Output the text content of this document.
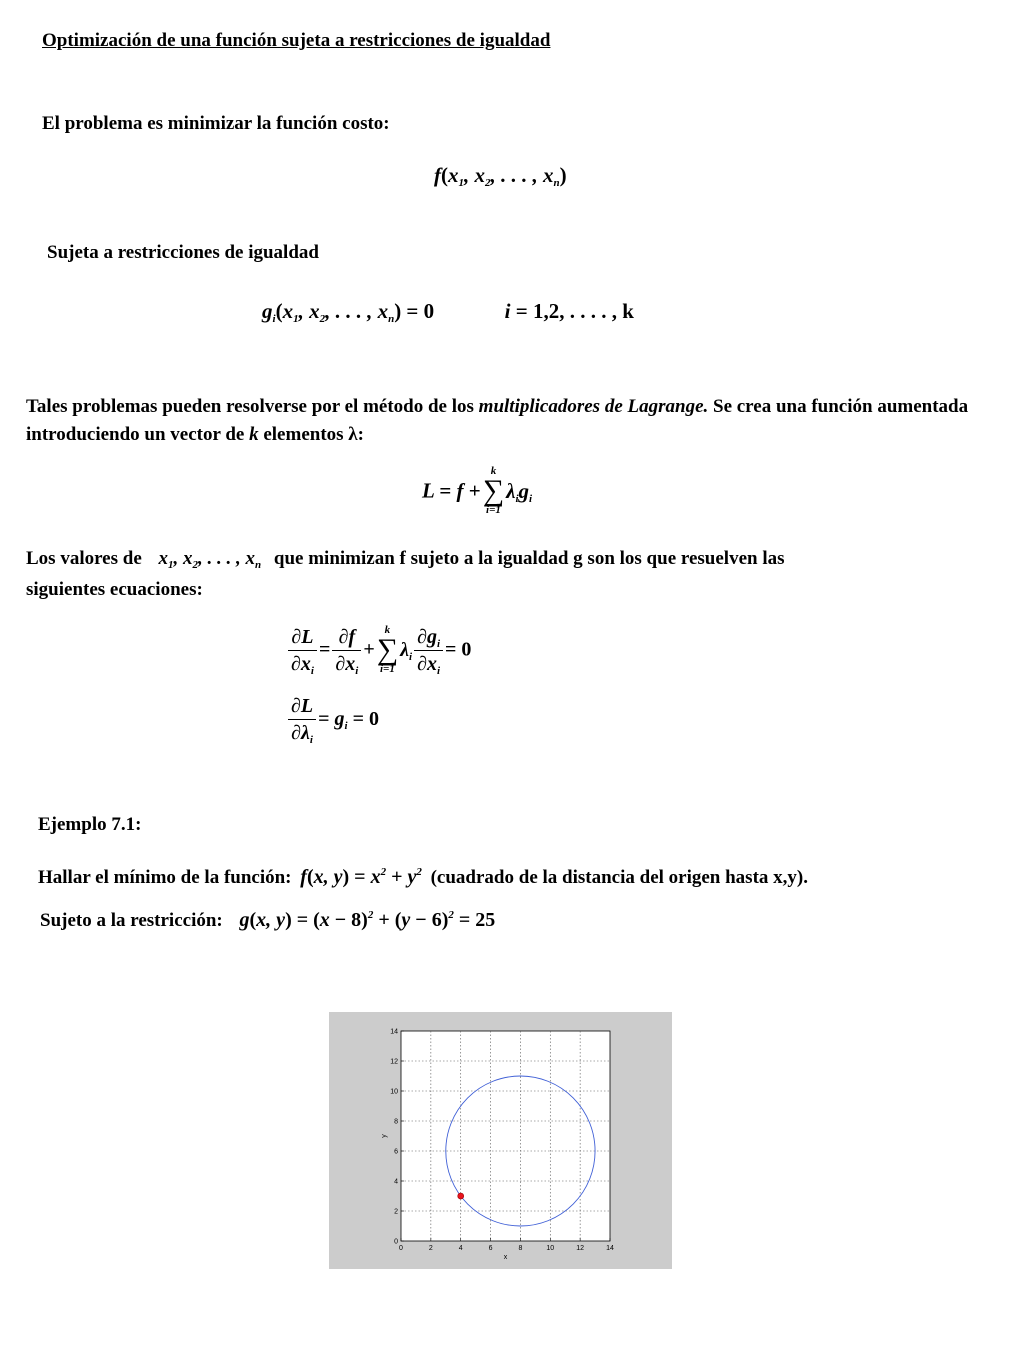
Optimización de una función sujeta a restricciones de igualdad
El problema es minimizar la función costo:
$f(x_1$, $x_2$, . . . , $x_n$)
Sujeta a restricciones de igualdad
$g_i(x_1$, $x_2$, . . . , $x_n) = 0$	i = 1,2, . . . . , k
Tales problemas pueden resolverse por el método de los multiplicadores de Lagrange. Se crea una función aumentada introduciendo un vector de k elementos λ:
L = f +
k
∑
i=1
$\lambda_ig_i$
Los valores de $x_1$, $x_2$, . . . , $x_n$ que minimizan f sujeto a la igualdad g son los que resuelven las
siguientes ecuaciones:
$\frac{\partial L}{\partial x_i} = \frac{\partial f}{\partial x_i}$ +
k
∑
i=1
$\lambda_i \frac{\partial g_i}{\partial x_i} = 0$
$\frac{\partial L}{\partial\lambda_i} = g_i = 0$
Ejemplo 7.1:
Hallar el mínimo de la función: f(x, $y) = x^2 + y^2$ (cuadrado de la distancia del origen hasta x,y).
Sujeto a la restricción: g(x, $y) = (x - 8)^2 + (y - 6)^2 = 25$
0	2	4	6	8	10	12	14
0
2
4
6
8
10
12
14
x
y
